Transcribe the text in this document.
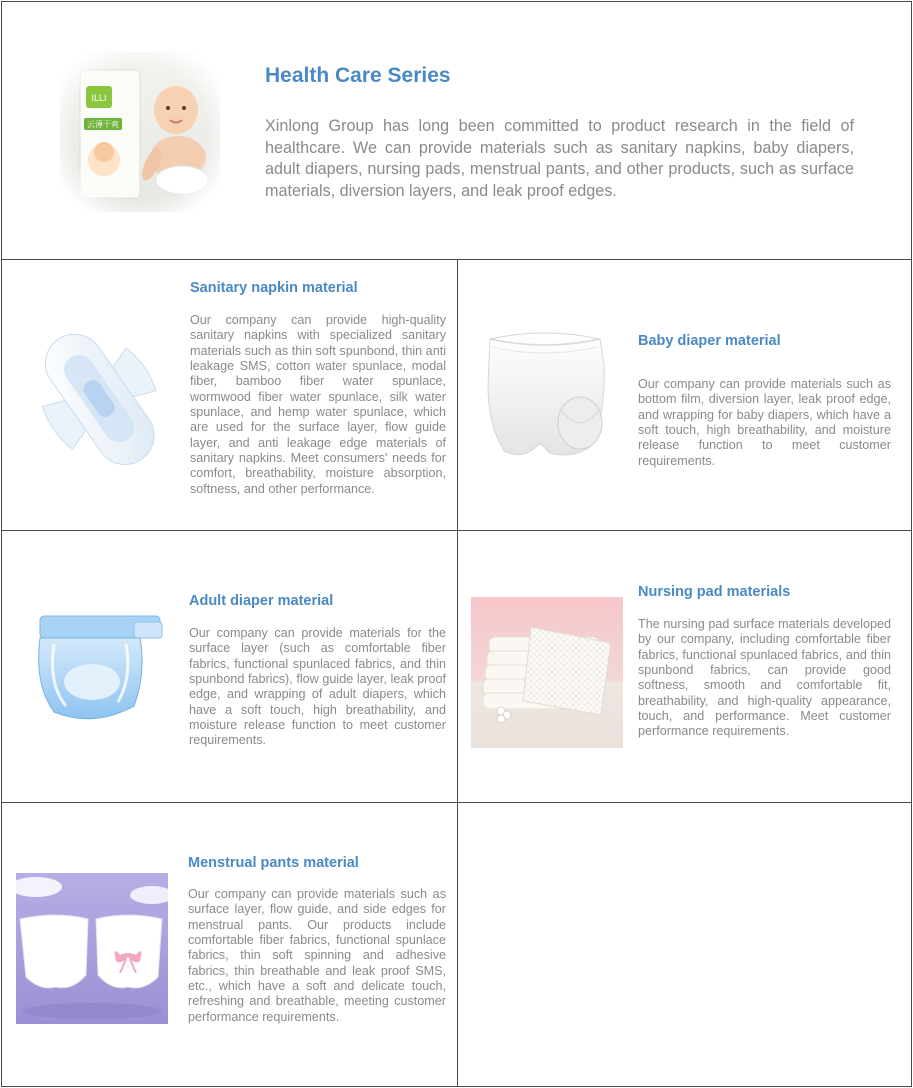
Health Care Series
Xinlong Group has long been committed to product research in the field of healthcare. We can provide materials such as sanitary napkins, baby diapers, adult diapers, nursing pads, menstrual pants, and other products, such as surface materials, diversion layers, and leak proof edges.
Sanitary napkin material
Our company can provide high-quality sanitary napkins with specialized sanitary materials such as thin soft spunbond, thin anti leakage SMS, cotton water spunlace, modal fiber, bamboo fiber water spunlace, wormwood fiber water spunlace, silk water spunlace, and hemp water spunlace, which are used for the surface layer, flow guide layer, and anti leakage edge materials of sanitary napkins. Meet consumers' needs for comfort, breathability, moisture absorption, softness, and other performance.
Baby diaper material
Our company can provide materials such as bottom film, diversion layer, leak proof edge, and wrapping for baby diapers, which have a soft touch, high breathability, and moisture release function to meet customer requirements.
Adult diaper material
Our company can provide materials for the surface layer (such as comfortable fiber fabrics, functional spunlaced fabrics, and thin spunbond fabrics), flow guide layer, leak proof edge, and wrapping of adult diapers, which have a soft touch, high breathability, and moisture release function to meet customer requirements.
Nursing pad materials
The nursing pad surface materials developed by our company, including comfortable fiber fabrics, functional spunlaced fabrics, and thin spunbond fabrics, can provide good softness, smooth and comfortable fit, breathability, and high-quality appearance, touch, and performance. Meet customer performance requirements.
Menstrual pants material
Our company can provide materials such as surface layer, flow guide, and side edges for menstrual pants. Our products include comfortable fiber fabrics, functional spunlace fabrics, thin soft spinning and adhesive fabrics, thin breathable and leak proof SMS, etc., which have a soft and delicate touch, refreshing and breathable, meeting customer performance requirements.
